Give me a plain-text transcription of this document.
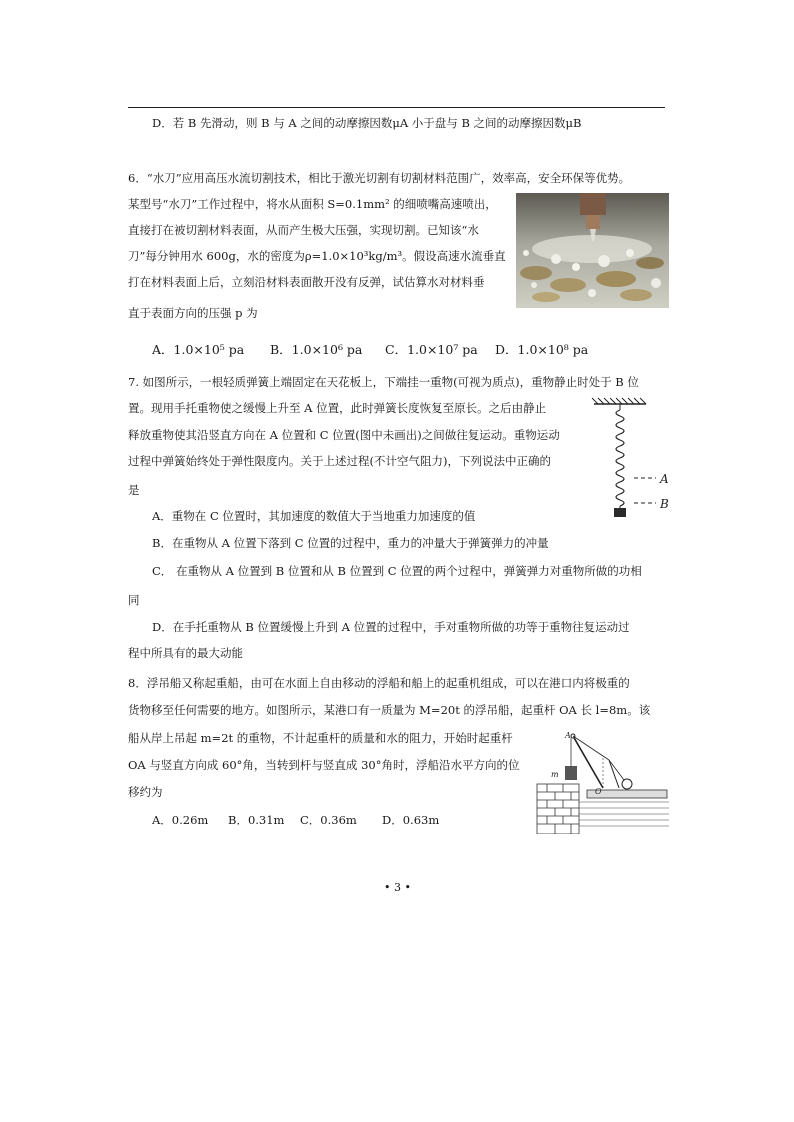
D．若 B 先滑动，则 B 与 A 之间的动摩擦因数μA 小于盘与 B 之间的动摩擦因数μB
6．“水刀”应用高压水流切割技术，相比于激光切割有切割材料范围广，效率高，安全环保等优势。
某型号“水刀”工作过程中，将水从面积 S=0.1mm² 的细喷嘴高速喷出，
直接打在被切割材料表面，从而产生极大压强，实现切割。已知该“水
刀”每分钟用水 600g，水的密度为ρ=1.0×10³kg/m³。假设高速水流垂直
打在材料表面上后，立刻沿材料表面散开没有反弹，试估算水对材料垂
直于表面方向的压强 p 为
A．1.0×10⁵ pa B．1.0×10⁶ pa C．1.0×10⁷ pa D．1.0×10⁸ pa
7. 如图所示，一根轻质弹簧上端固定在天花板上，下端挂一重物(可视为质点)，重物静止时处于 B 位
置。现用手托重物使之缓慢上升至 A 位置，此时弹簧长度恢复至原长。之后由静止
释放重物使其沿竖直方向在 A 位置和 C 位置(图中未画出)之间做往复运动。重物运动
过程中弹簧始终处于弹性限度内。关于上述过程(不计空气阻力)，下列说法中正确的
是
A
B
A．重物在 C 位置时，其加速度的数值大于当地重力加速度的值
B．在重物从 A 位置下落到 C 位置的过程中，重力的冲量大于弹簧弹力的冲量
C． 在重物从 A 位置到 B 位置和从 B 位置到 C 位置的两个过程中，弹簧弹力对重物所做的功相
同
D．在手托重物从 B 位置缓慢上升到 A 位置的过程中，手对重物所做的功等于重物往复运动过
程中所具有的最大动能
8．浮吊船又称起重船，由可在水面上自由移动的浮船和船上的起重机组成，可以在港口内将极重的
货物移至任何需要的地方。如图所示，某港口有一质量为 M=20t 的浮吊船，起重杆 OA 长 l=8m。该
船从岸上吊起 m=2t 的重物，不计起重杆的质量和水的阻力，开始时起重杆
OA 与竖直方向成 60°角，当转到杆与竖直成 30°角时，浮船沿水平方向的位
移约为
m
A
O
A．0.26m B．0.31m C．0.36m D．0.63m
• 3 •
